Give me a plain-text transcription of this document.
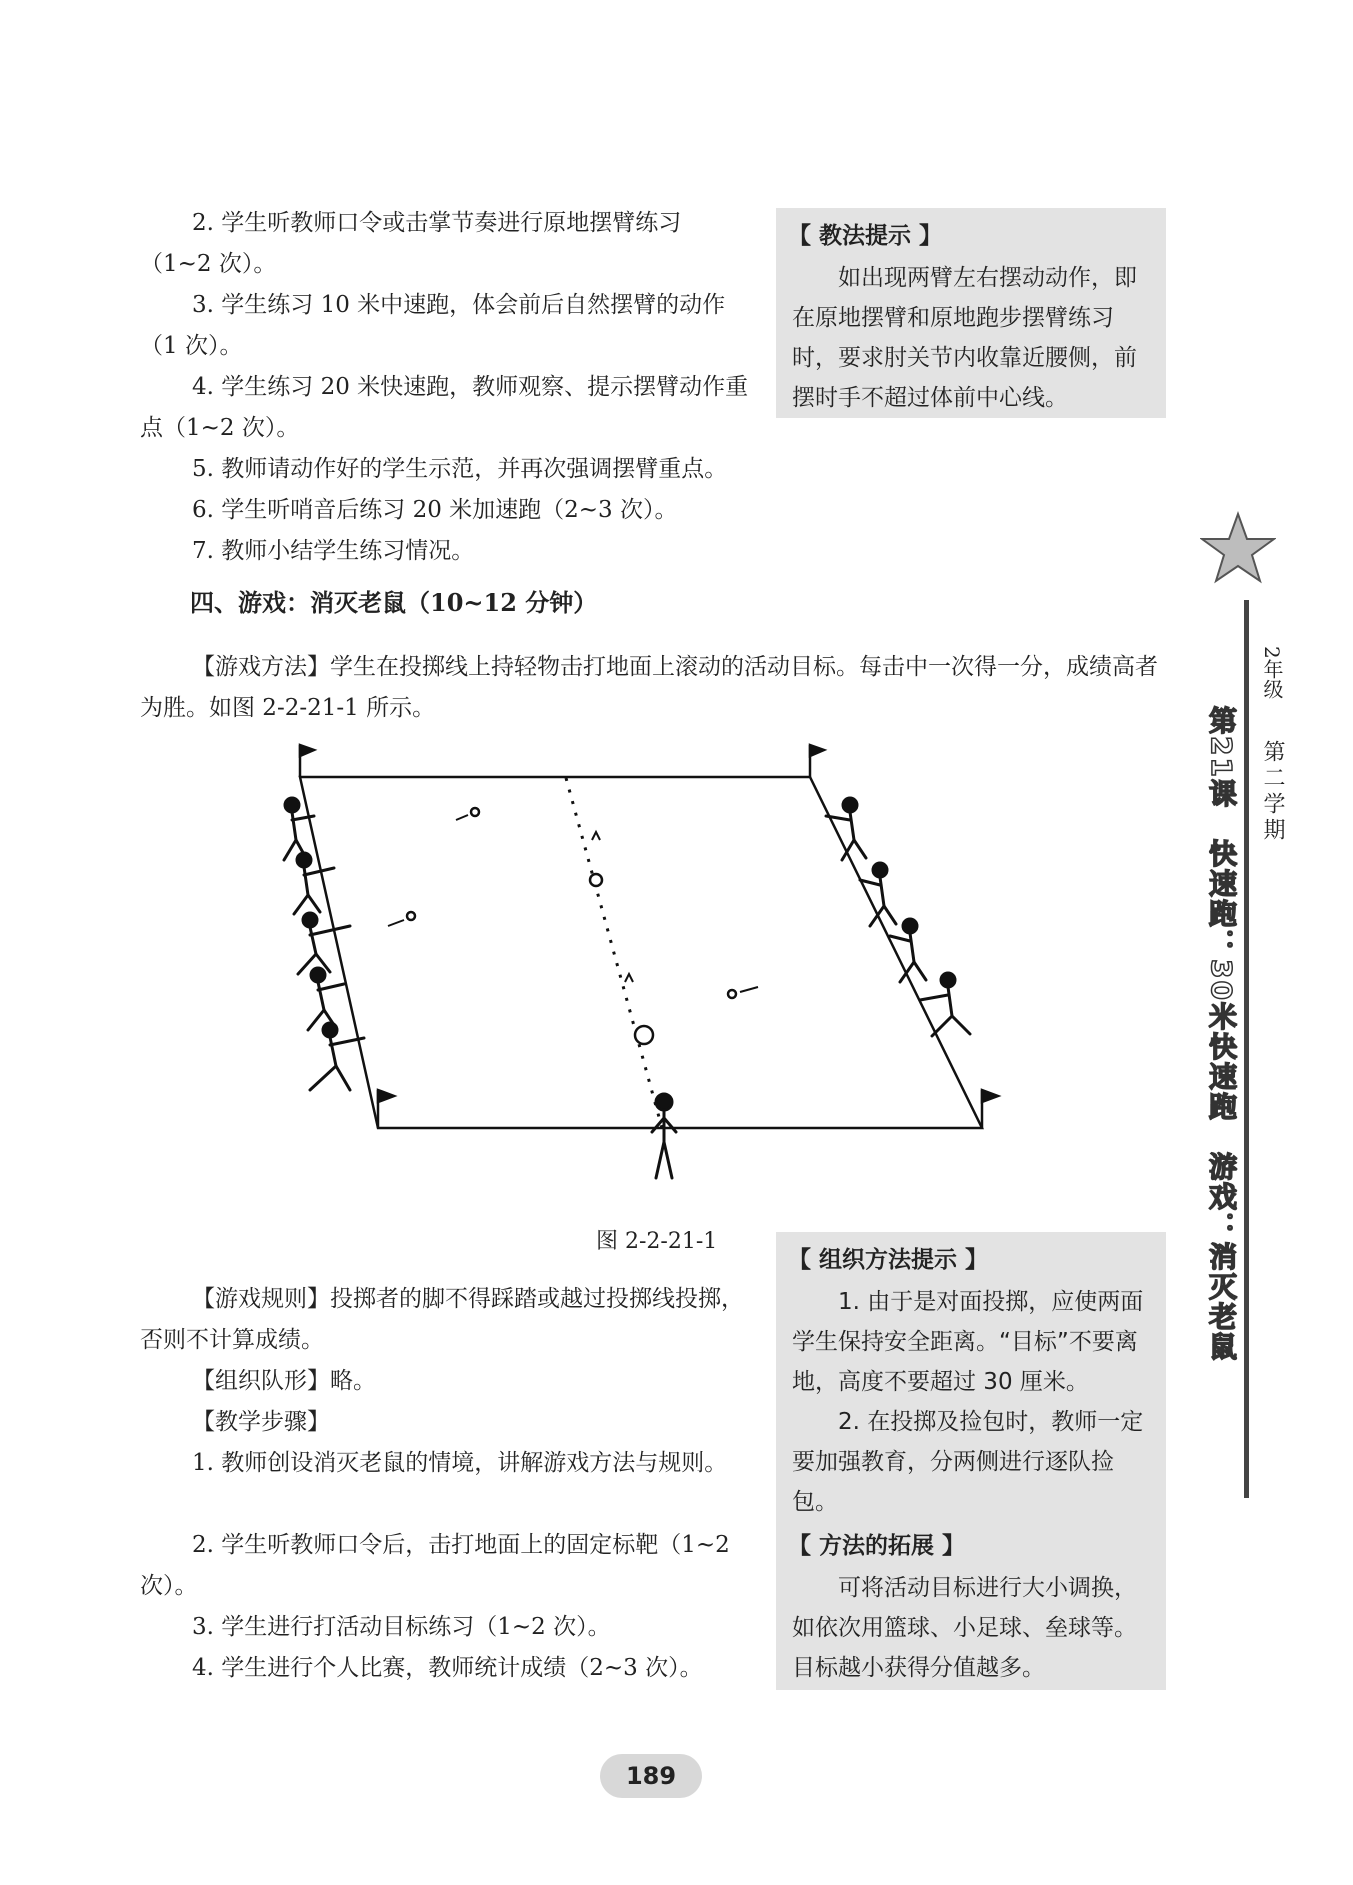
2. 学生听教师口令或击掌节奏进行原地摆臂练习（1~2 次）。

3. 学生练习 10 米中速跑，体会前后自然摆臂的动作（1 次）。

4. 学生练习 20 米快速跑，教师观察、提示摆臂动作重点（1~2 次）。

5. 教师请动作好的学生示范，并再次强调摆臂重点。

6. 学生听哨音后练习 20 米加速跑（2~3 次）。

7. 教师小结学生练习情况。

【 教法提示 】

如出现两臂左右摆动动作，即在原地摆臂和原地跑步摆臂练习时，要求肘关节内收靠近腰侧，前摆时手不超过体前中心线。

四、游戏：消灭老鼠（10~12 分钟）

【游戏方法】学生在投掷线上持轻物击打地面上滚动的活动目标。每击中一次得一分，成绩高者为胜。如图 2-2-21-1 所示。

图 2-2-21-1

【游戏规则】投掷者的脚不得踩踏或越过投掷线投掷，否则不计算成绩。

【组织队形】略。

【教学步骤】

1. 教师创设消灭老鼠的情境，讲解游戏方法与规则。

2. 学生听教师口令后，击打地面上的固定标靶（1~2 次）。

3. 学生进行打活动目标练习（1~2 次）。

4. 学生进行个人比赛，教师统计成绩（2~3 次）。

【 组织方法提示 】

1. 由于是对面投掷，应使两面学生保持安全距离。“目标”不要离地，高度不要超过 30 厘米。

2. 在投掷及捡包时，教师一定要加强教育，分两侧进行逐队捡包。

【 方法的拓展 】

可将活动目标进行大小调换，如依次用篮球、小足球、垒球等。目标越小获得分值越多。

2年级
第二学期
第21课　快速跑：30米快速跑　游戏：消灭老鼠
189
